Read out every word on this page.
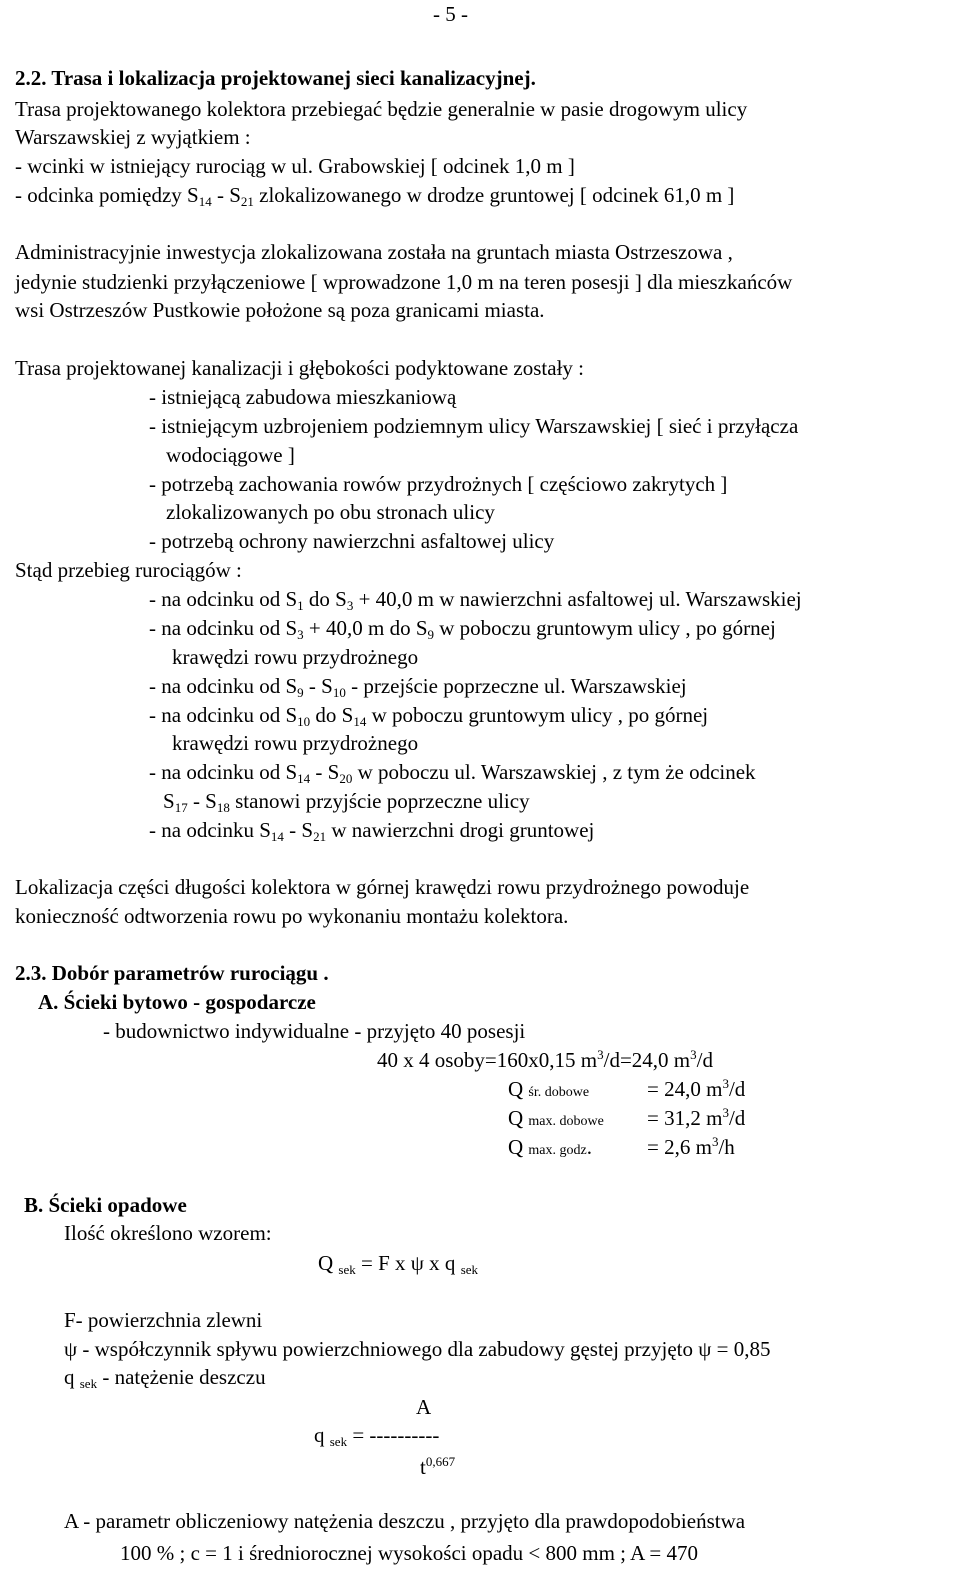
- 5 -
2.2. Trasa i lokalizacja projektowanej sieci kanalizacyjnej.
Trasa projektowanego kolektora przebiegać będzie generalnie w pasie drogowym ulicy
Warszawskiej z wyjątkiem :
- wcinki w istniejący rurociąg w ul. Grabowskiej [ odcinek 1,0 m ]
- odcinka pomiędzy $S_{14} - S_{21}$ zlokalizowanego w drodze gruntowej [ odcinek 61,0 m ]
Administracyjnie inwestycja zlokalizowana została na gruntach miasta Ostrzeszowa ,
jedynie studzienki przyłączeniowe [ wprowadzone 1,0 m na teren posesji ] dla mieszkańców
wsi Ostrzeszów Pustkowie położone są poza granicami miasta.
Trasa projektowanej kanalizacji i głębokości podyktowane zostały :
- istniejącą zabudowa mieszkaniową
- istniejącym uzbrojeniem podziemnym ulicy Warszawskiej [ sieć i przyłącza
wodociągowe ]
- potrzebą zachowania rowów przydrożnych [ częściowo zakrytych ]
zlokalizowanych po obu stronach ulicy
- potrzebą ochrony nawierzchni asfaltowej ulicy
Stąd przebieg rurociągów :
- na odcinku od $S_1$ do $S_3 + 40,0$ m w nawierzchni asfaltowej ul. Warszawskiej
- na odcinku od $S_3 + 40,0$ m do $S_9$ w poboczu gruntowym ulicy , po górnej
krawędzi rowu przydrożnego
- na odcinku od $S_9 - S_{10}$ - przejście poprzeczne ul. Warszawskiej
- na odcinku od $S_{10}$ do $S_{14}$ w poboczu gruntowym ulicy , po górnej
krawędzi rowu przydrożnego
- na odcinku od $S_{14} - S_{20}$ w poboczu ul. Warszawskiej , z tym że odcinek
$S_{17} - S_{18}$ stanowi przyjście poprzeczne ulicy
- na odcinku $S_{14} - S_{21}$ w nawierzchni drogi gruntowej
Lokalizacja części długości kolektora w górnej krawędzi rowu przydrożnego powoduje
konieczność odtworzenia rowu po wykonaniu montażu kolektora.
2.3. Dobór parametrów rurociągu .
A. Ścieki bytowo - gospodarcze
- budownictwo indywidualne - przyjęto 40 posesji
40 x 4 osoby=160x0,15 $m^3/d=24,0$ $m^3/d$
Q śr. dobowe	= 24,0 $m^3/d$
Q max. dobowe = 31,2 $m^3/d$
Q max. godz.	= 2,6 $m^3/h$
B. Ścieki opadowe
Ilość określono wzorem:
Q $_{sek}$ = F x ψ x q $_{sek}$
F- powierzchnia zlewni
ψ - współczynnik spływu powierzchniowego dla zabudowy gęstej przyjęto ψ = 0,85
q $_{sek}$ - natężenie deszczu
A
q $_{sek}$ = ----------
$t^{0,667}$
A - parametr obliczeniowy natężenia deszczu , przyjęto dla prawdopodobieństwa
100 % ; c = 1 i średniorocznej wysokości opadu < 800 mm ; A = 470
